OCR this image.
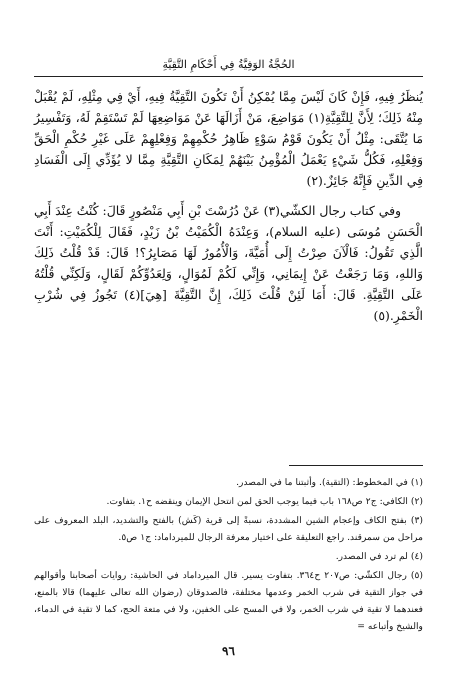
الحُجَّةُ الوَفِيَّةُ فِي أَحْكَامِ التَّقِيَّةِ

يُنظَرُ فِيهِ، فَإِنْ كَانَ لَيْسَ مِمَّا يُمْكِنُ أَنْ تَكُونَ التَّقِيَّةُ فِيهِ، أَيْ فِي مِثْلِهِ، لَمْ يُقْبَلْ مِنْهُ ذَلِكَ؛ لِأَنَّ لِلتَّقِيَّةِ(١) مَوَاضِعَ، مَنْ أَزَالَهَا عَنْ مَوَاضِعِهَا لَمْ تَسْتَقِمْ لَهُ، وَتَفْسِيرُ مَا يُتَّقَى: مِثْلُ أَنْ يَكُونَ قَوْمُ سَوْءٍ ظَاهِرُ حُكْمِهِمْ وَفِعْلِهِمْ عَلَى غَيْرِ حُكْمِ الْحَقِّ وَفِعْلِهِ، فَكُلُّ شَيْءٍ يَعْمَلُ الْمُؤْمِنُ بَيْنَهُمْ لِمَكَانِ التَّقِيَّةِ مِمَّا لا يُؤَدِّي إِلَى الْفَسَادِ فِي الدِّينِ فَإِنَّهُ جَائِزٌ.(٢)

وفي كتاب رجال الكشّي(٣) عَنْ دُرُسْتَ بْنِ أَبِي مَنْصُورٍ قَالَ: كُنْتُ عِنْدَ أَبِي الْحَسَنِ مُوسَى (عليه السلام)، وَعِنْدَهُ الْكُمَيْتُ بْنُ زَيْدٍ، فَقَالَ لِلْكُمَيْتِ: أَنْتَ الَّذِي تَقُولُ: فَالْآنَ صِرْتُ إِلَى أُمَيَّةَ، وَالْأُمُورُ لَهَا مَصَايِرُ؟! قَالَ: قَدْ قُلْتُ ذَلِكَ وَاللهِ، وَمَا رَجَعْتُ عَنْ إِيمَانِي، وَإِنِّي لَكُمْ لَمُوَالٍ، وَلِعَدُوِّكُمْ لَقَالٍ، وَلَكِنِّي قُلْتُهُ عَلَى التَّقِيَّةِ. قَالَ: أَمَا لَئِنْ قُلْتَ ذَلِكَ، إِنَّ التَّقِيَّةَ [هِيَ](٤) تَجُوزُ فِي شُرْبِ الْخَمْرِ.(٥)

(١) في المخطوط: (التقية). وأثبتنا ما في المصدر.

(٢) الكافي: ج٢ ص١٦٨ باب فيما يوجب الحق لمن انتحل الإيمان وينقضه ح١. بتفاوت.

(٣) بفتح الكاف وإعجام الشين المشددة، نسبةً إلى قرية (كَش) بالفتح والتشديد، البلد المعروف على مراحل من سمرقند. راجع التعليقة على اختيار معرفة الرجال للميرداماد: ج١ ص٥.

(٤) لم ترد في المصدر.

(٥) رجال الكشّي: ص٢٠٧ ح٣٦٤. بتفاوت يسير. قال الميرداماد في الحاشية: روايات أصحابنا وأقوالهم في جواز التقية في شرب الخمر وعدمها مختلفة، فالصدوقان (رضوان الله تعالى عليهما) قالا بالمنع، فعندهما لا تقية في شرب الخمر، ولا في المسح على الخفين، ولا في متعة الحج، كما لا تقية في الدماء، والشيخ وأتباعه =

٩٦
